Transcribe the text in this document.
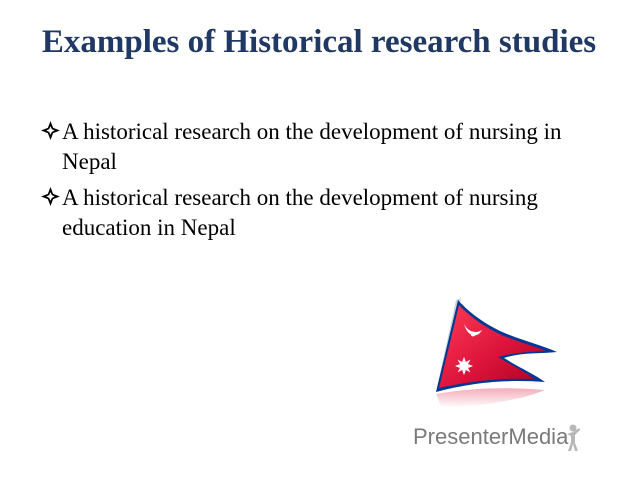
Examples of Historical research studies
A historical research on the development of nursing in Nepal
A historical research on the development of nursing education in Nepal
PresenterMedia
